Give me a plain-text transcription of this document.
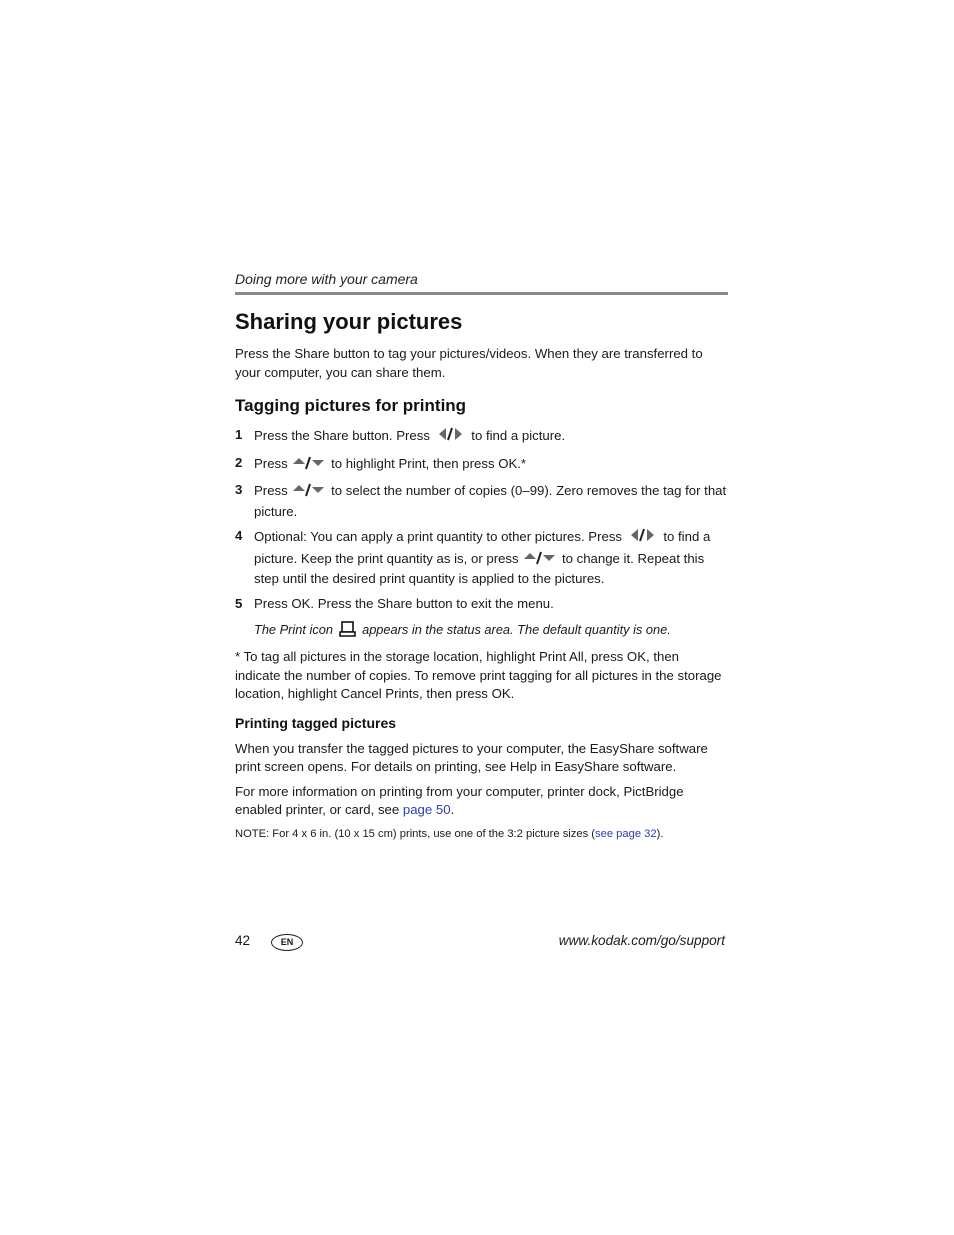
Doing more with your camera
Sharing your pictures

Press the Share button to tag your pictures/videos. When they are transferred to your computer, you can share them.

Tagging pictures for printing
1 Press the Share button. Press	to find a picture.
2 Press	to highlight Print, then press OK.*
3 Press	to select the number of copies (0–99). Zero removes the tag for that picture.
4 Optional: You can apply a print quantity to other pictures. Press	to find a picture. Keep the print quantity as is, or press	to change it. Repeat this step until the desired print quantity is applied to the pictures.
5 Press OK. Press the Share button to exit the menu.
The Print icon appears in the status area. The default quantity is one.

* To tag all pictures in the storage location, highlight Print All, press OK, then indicate the number of copies. To remove print tagging for all pictures in the storage location, highlight Cancel Prints, then press OK.

Printing tagged pictures

When you transfer the tagged pictures to your computer, the EasyShare software print screen opens. For details on printing, see Help in EasyShare software.

For more information on printing from your computer, printer dock, PictBridge enabled printer, or card, see page 50.

NOTE: For 4 x 6 in. (10 x 15 cm) prints, use one of the 3:2 picture sizes (see page 32).
42	EN	www.kodak.com/go/support
